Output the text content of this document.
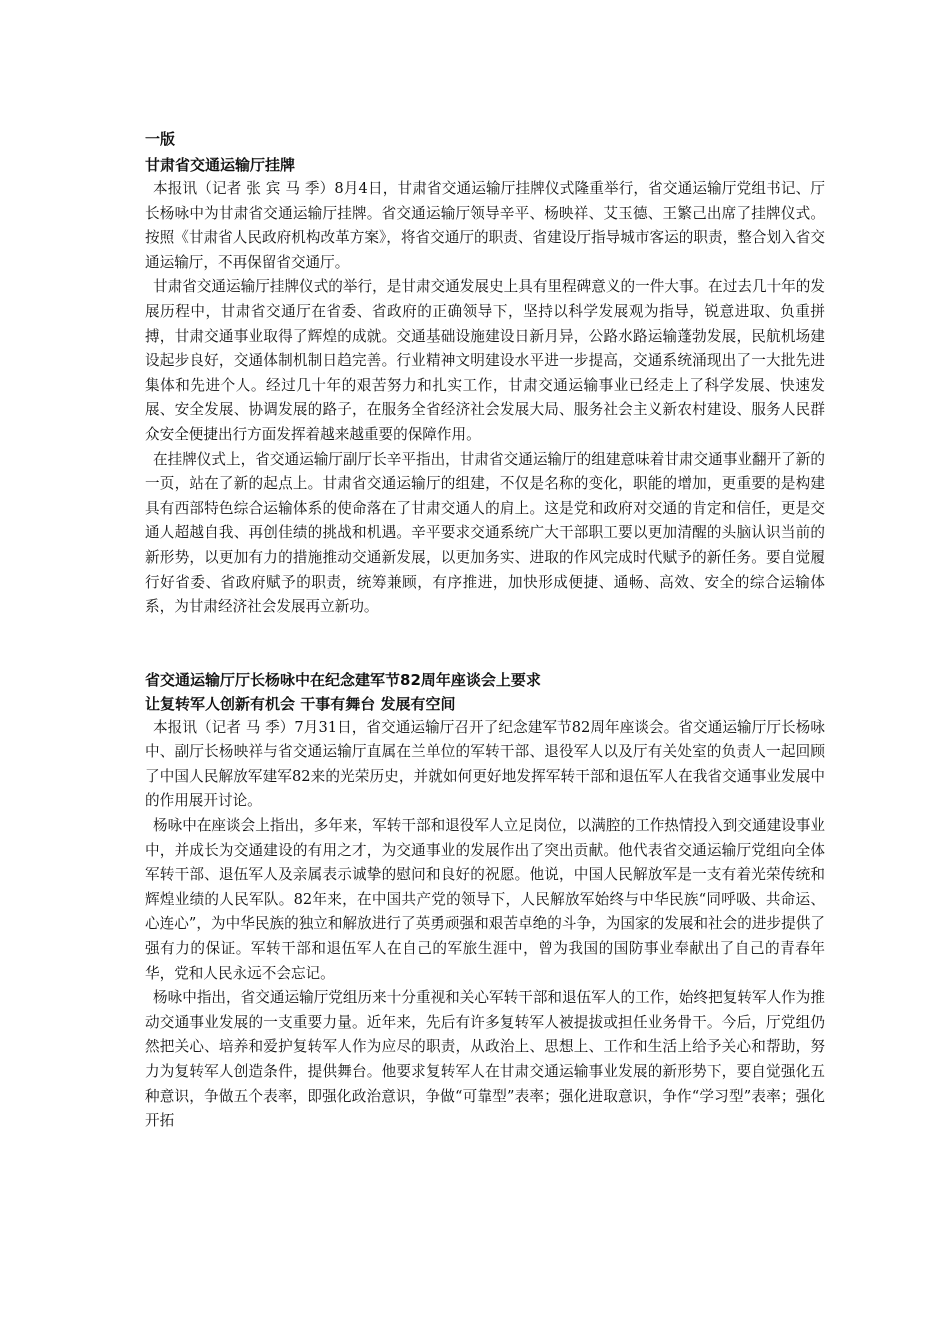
一版

甘肃省交通运输厅挂牌

本报讯（记者 张 宾 马 季）8月4日，甘肃省交通运输厅挂牌仪式隆重举行，省交通运输厅党组书记、厅长杨咏中为甘肃省交通运输厅挂牌。省交通运输厅领导辛平、杨映祥、艾玉德、王繁己出席了挂牌仪式。按照《甘肃省人民政府机构改革方案》，将省交通厅的职责、省建设厅指导城市客运的职责，整合划入省交通运输厅，不再保留省交通厅。

甘肃省交通运输厅挂牌仪式的举行，是甘肃交通发展史上具有里程碑意义的一件大事。在过去几十年的发展历程中，甘肃省交通厅在省委、省政府的正确领导下，坚持以科学发展观为指导，锐意进取、负重拼搏，甘肃交通事业取得了辉煌的成就。交通基础设施建设日新月异，公路水路运输蓬勃发展，民航机场建设起步良好，交通体制机制日趋完善。行业精神文明建设水平进一步提高，交通系统涌现出了一大批先进集体和先进个人。经过几十年的艰苦努力和扎实工作，甘肃交通运输事业已经走上了科学发展、快速发展、安全发展、协调发展的路子，在服务全省经济社会发展大局、服务社会主义新农村建设、服务人民群众安全便捷出行方面发挥着越来越重要的保障作用。

在挂牌仪式上，省交通运输厅副厅长辛平指出，甘肃省交通运输厅的组建意味着甘肃交通事业翻开了新的一页，站在了新的起点上。甘肃省交通运输厅的组建，不仅是名称的变化，职能的增加，更重要的是构建具有西部特色综合运输体系的使命落在了甘肃交通人的肩上。这是党和政府对交通的肯定和信任，更是交通人超越自我、再创佳绩的挑战和机遇。辛平要求交通系统广大干部职工要以更加清醒的头脑认识当前的新形势，以更加有力的措施推动交通新发展，以更加务实、进取的作风完成时代赋予的新任务。要自觉履行好省委、省政府赋予的职责，统筹兼顾，有序推进，加快形成便捷、通畅、高效、安全的综合运输体系，为甘肃经济社会发展再立新功。

省交通运输厅厅长杨咏中在纪念建军节82周年座谈会上要求
让复转军人创新有机会 干事有舞台 发展有空间

本报讯（记者 马 季）7月31日，省交通运输厅召开了纪念建军节82周年座谈会。省交通运输厅厅长杨咏中、副厅长杨映祥与省交通运输厅直属在兰单位的军转干部、退役军人以及厅有关处室的负责人一起回顾了中国人民解放军建军82来的光荣历史，并就如何更好地发挥军转干部和退伍军人在我省交通事业发展中的作用展开讨论。

杨咏中在座谈会上指出，多年来，军转干部和退役军人立足岗位，以满腔的工作热情投入到交通建设事业中，并成长为交通建设的有用之才，为交通事业的发展作出了突出贡献。他代表省交通运输厅党组向全体军转干部、退伍军人及亲属表示诚挚的慰问和良好的祝愿。他说，中国人民解放军是一支有着光荣传统和辉煌业绩的人民军队。82年来，在中国共产党的领导下，人民解放军始终与中华民族“同呼吸、共命运、心连心”，为中华民族的独立和解放进行了英勇顽强和艰苦卓绝的斗争，为国家的发展和社会的进步提供了强有力的保证。军转干部和退伍军人在自己的军旅生涯中，曾为我国的国防事业奉献出了自己的青春年华，党和人民永远不会忘记。

杨咏中指出，省交通运输厅党组历来十分重视和关心军转干部和退伍军人的工作，始终把复转军人作为推动交通事业发展的一支重要力量。近年来，先后有许多复转军人被提拔或担任业务骨干。今后，厅党组仍然把关心、培养和爱护复转军人作为应尽的职责，从政治上、思想上、工作和生活上给予关心和帮助，努力为复转军人创造条件，提供舞台。他要求复转军人在甘肃交通运输事业发展的新形势下，要自觉强化五种意识，争做五个表率，即强化政治意识，争做“可靠型”表率；强化进取意识，争作“学习型”表率；强化开拓
